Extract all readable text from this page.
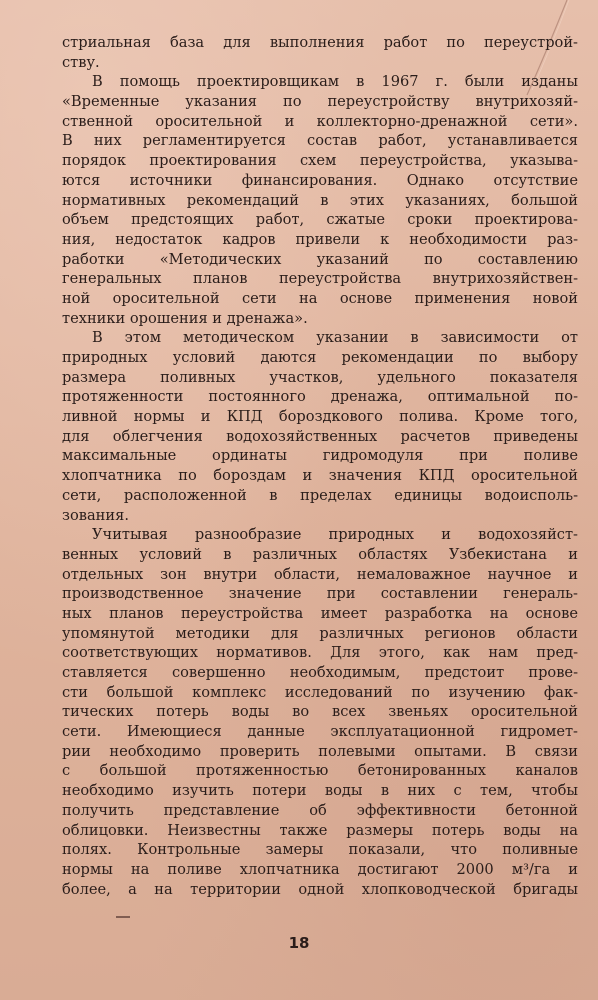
стриальная база для выполнения работ по переустрой-
ству.
В помощь проектировщикам в 1967 г. были изданы
«Временные указания по переустройству внутрихозяй-
ственной оросительной и коллекторно-дренажной сети».
В них регламентируется состав работ, устанавливается
порядок проектирования схем переустройства, указыва-
ются источники финансирования. Однако отсутствие
нормативных рекомендаций в этих указаниях, большой
объем предстоящих работ, сжатые сроки проектирова-
ния, недостаток кадров привели к необходимости раз-
работки «Методических указаний по составлению
генеральных планов переустройства внутрихозяйствен-
ной оросительной сети на основе применения новой
техники орошения и дренажа».
В этом методическом указании в зависимости от
природных условий даются рекомендации по выбору
размера поливных участков, удельного показателя
протяженности постоянного дренажа, оптимальной по-
ливной нормы и КПД бороздкового полива. Кроме того,
для облегчения водохозяйственных расчетов приведены
максимальные ординаты гидромодуля при поливе
хлопчатника по бороздам и значения КПД оросительной
сети, расположенной в пределах единицы водоисполь-
зования.
Учитывая разнообразие природных и водохозяйст-
венных условий в различных областях Узбекистана и
отдельных зон внутри области, немаловажное научное и
производственное значение при составлении генераль-
ных планов переустройства имеет разработка на основе
упомянутой методики для различных регионов области
соответствующих нормативов. Для этого, как нам пред-
ставляется совершенно необходимым, предстоит прове-
сти большой комплекс исследований по изучению фак-
тических потерь воды во всех звеньях оросительной
сети. Имеющиеся данные эксплуатационной гидромет-
рии необходимо проверить полевыми опытами. В связи
с большой протяженностью бетонированных каналов
необходимо изучить потери воды в них с тем, чтобы
получить представление об эффективности бетонной
облицовки. Неизвестны также размеры потерь воды на
полях. Контрольные замеры показали, что поливные
нормы на поливе хлопчатника достигают 2000 м³/га и
более, а на территории одной хлопководческой бригады
18
